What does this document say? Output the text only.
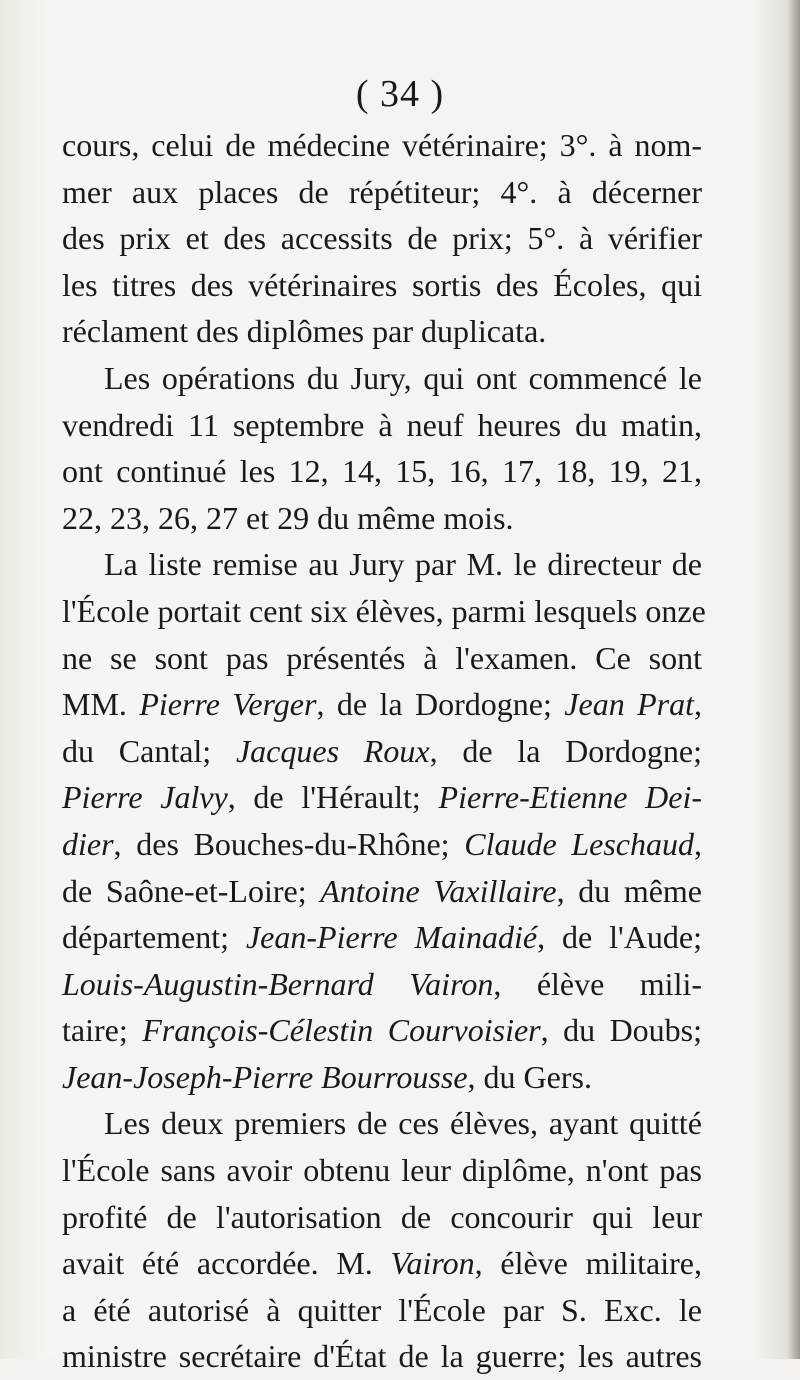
( 34 )
cours, celui de médecine vétérinaire; 3°. à nom-
mer aux places de répétiteur; 4°. à décerner
des prix et des accessits de prix; 5°. à vérifier
les titres des vétérinaires sortis des Écoles, qui
réclament des diplômes par duplicata.
Les opérations du Jury, qui ont commencé le
vendredi 11 septembre à neuf heures du matin,
ont continué les 12, 14, 15, 16, 17, 18, 19, 21,
22, 23, 26, 27 et 29 du même mois.
La liste remise au Jury par M. le directeur de
l'École portait cent six élèves, parmi lesquels onze
ne se sont pas présentés à l'examen. Ce sont
MM. Pierre Verger, de la Dordogne; Jean Prat,
du Cantal; Jacques Roux, de la Dordogne;
Pierre Jalvy, de l'Hérault; Pierre-Etienne Dei-
dier, des Bouches-du-Rhône; Claude Leschaud,
de Saône-et-Loire; Antoine Vaxillaire, du même
département; Jean-Pierre Mainadié, de l'Aude;
Louis-Augustin-Bernard Vairon, élève mili-
taire; François-Célestin Courvoisier, du Doubs;
Jean-Joseph-Pierre Bourrousse, du Gers.
Les deux premiers de ces élèves, ayant quitté
l'École sans avoir obtenu leur diplôme, n'ont pas
profité de l'autorisation de concourir qui leur
avait été accordée. M. Vairon, élève militaire,
a été autorisé à quitter l'École par S. Exc. le
ministre secrétaire d'État de la guerre; les autres
